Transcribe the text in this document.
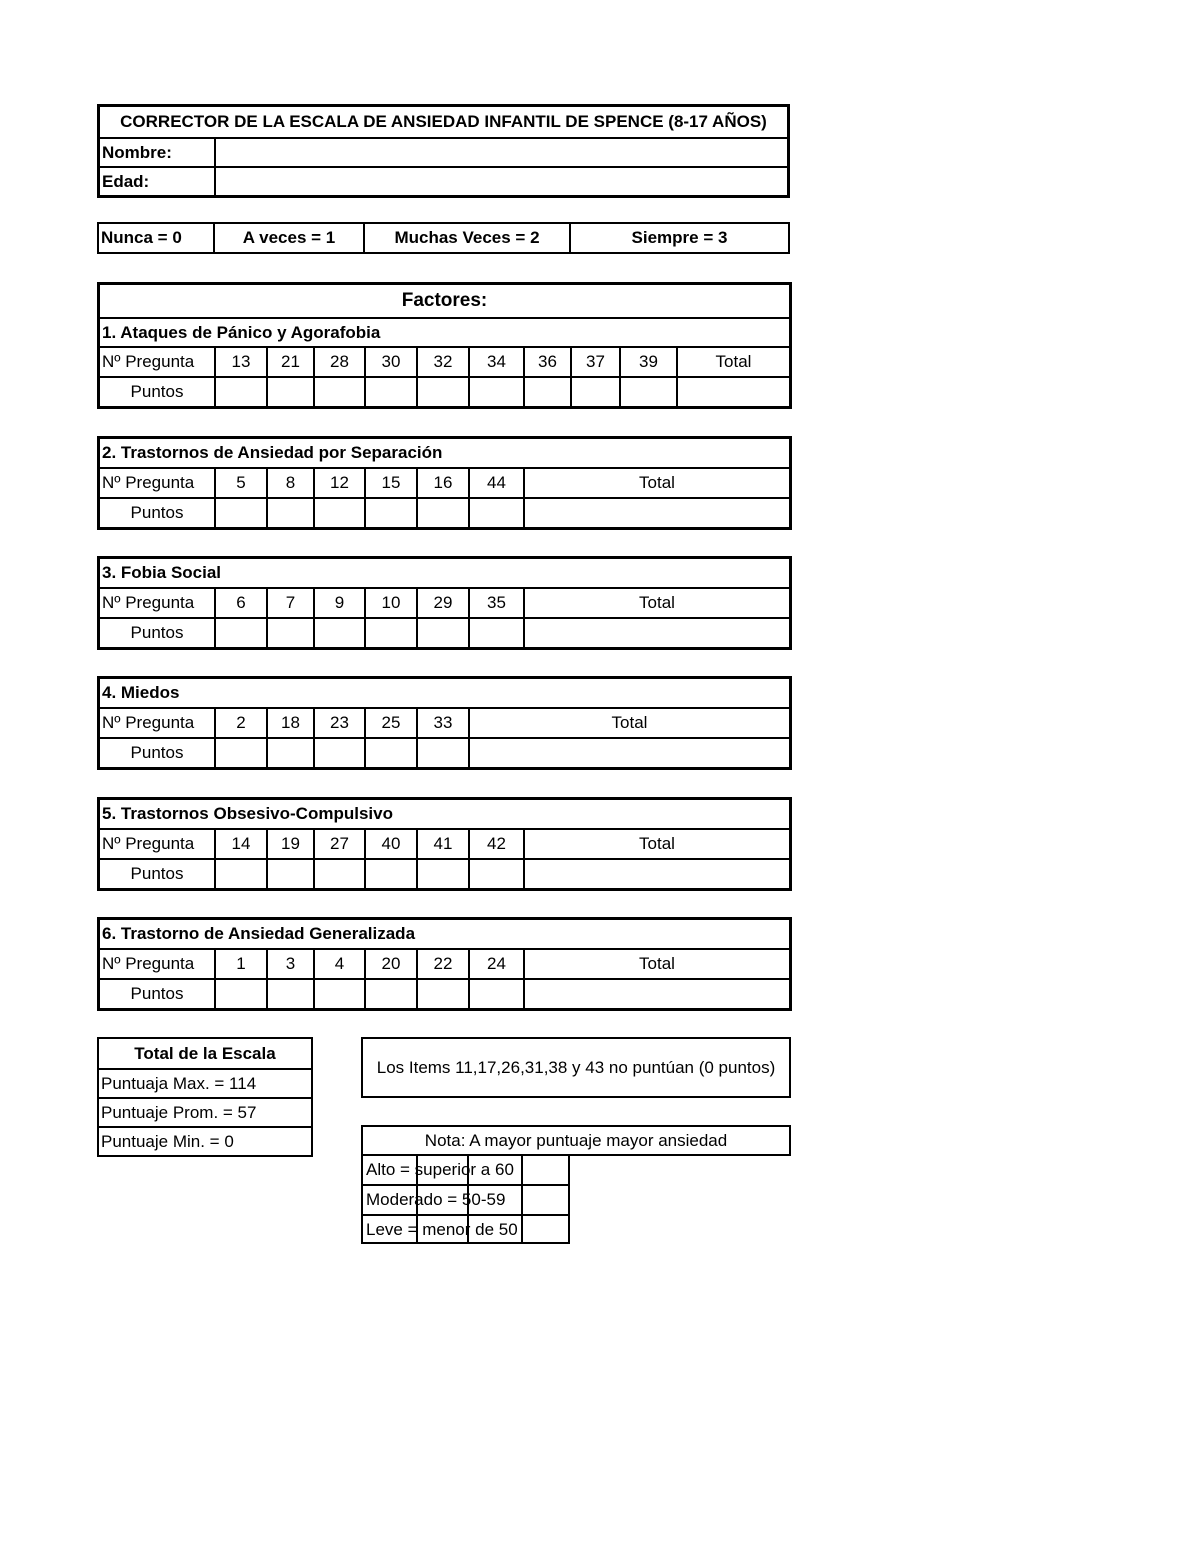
CORRECTOR DE LA ESCALA DE ANSIEDAD INFANTIL DE SPENCE (8-17 AÑOS)
Nombre:
Edad:
Nunca = 0	A veces = 1	Muchas Veces = 2	Siempre = 3
Factores:
1. Ataques de Pánico y Agorafobia
Nº Pregunta	13	21	28	30	32	34	36	37	39	Total
Puntos
2. Trastornos de Ansiedad por Separación
Nº Pregunta	5	8	12	15	16	44	Total
Puntos
3. Fobia Social
Nº Pregunta	6	7	9	10	29	35	Total
Puntos
4. Miedos
Nº Pregunta	2	18	23	25	33	Total
Puntos
5. Trastornos Obsesivo-Compulsivo
Nº Pregunta	14	19	27	40	41	42	Total
Puntos
6. Trastorno de Ansiedad Generalizada
Nº Pregunta	1	3	4	20	22	24	Total
Puntos
Total de la Escala
Puntuaja Max. = 114
Puntuaje Prom. = 57
Puntuaje Min. = 0
Los Items 11,17,26,31,38 y 43 no puntúan (0 puntos)
Nota: A mayor puntuaje mayor ansiedad
Alto = superior a 60
Moderado = 50-59
Leve = menor de 50
